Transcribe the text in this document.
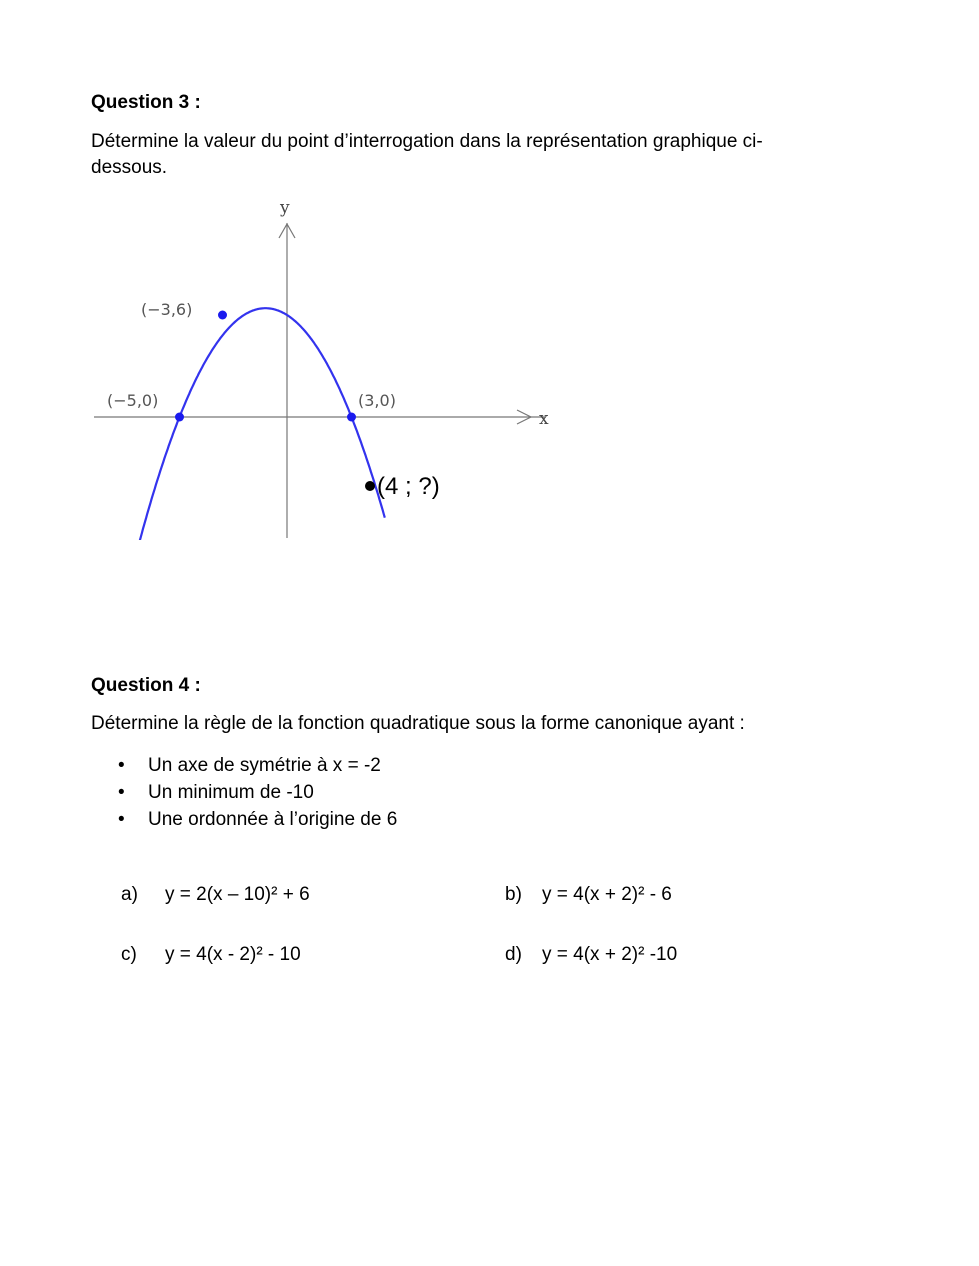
Question 3 :
Détermine la valeur du point d’interrogation dans la représentation graphique ci-
dessous.
x
y
(−3,6)
(−5,0)	(3,0)
(4 ; ?)
Question 4 :
Détermine la règle de la fonction quadratique sous la forme canonique ayant :
• Un axe de symétrie à x = -2
• Un minimum de -10
• Une ordonnée à l’origine de 6
a) y = 2(x – 10)² + 6	b) y = 4(x + 2)² - 6
c) y = 4(x - 2)² - 10	d) y = 4(x + 2)² -10
